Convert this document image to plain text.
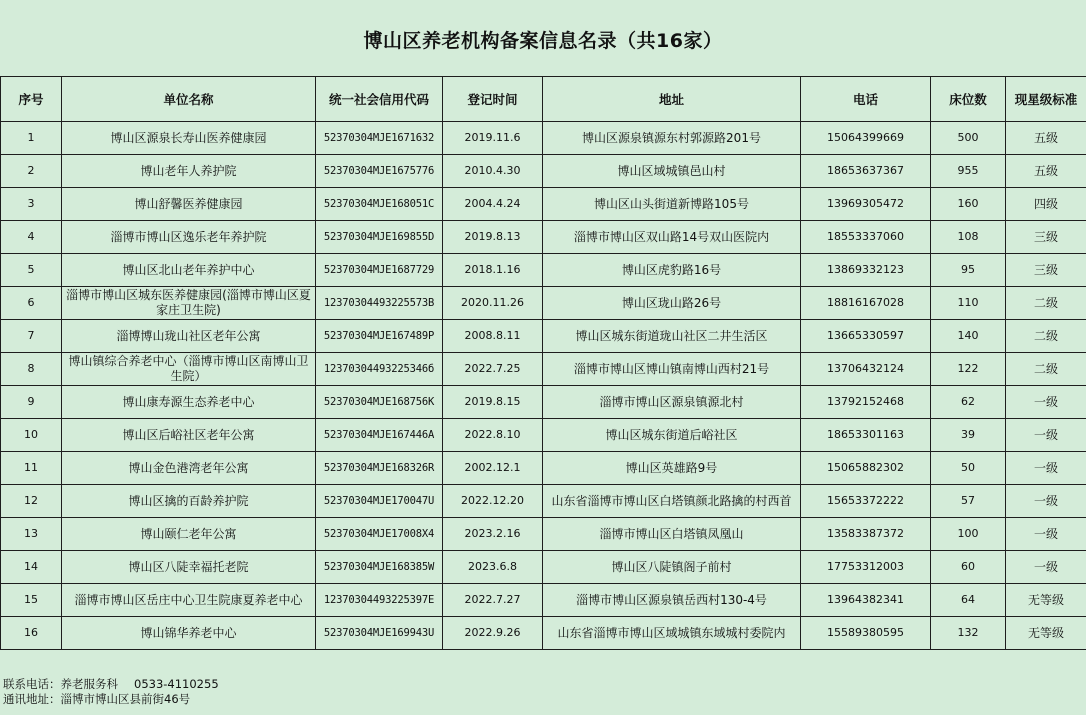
博山区养老机构备案信息名录（共16家）
序号	单位名称	统一社会信用代码	登记时间	地址	电话	床位数	现星级标准
1	博山区源泉长寿山医养健康园	52370304MJE1671632	2019.11.6	博山区源泉镇源东村郭源路201号	15064399669	500	五级
2	博山老年人养护院	52370304MJE1675776	2010.4.30	博山区域城镇邑山村	18653637367	955	五级
3	博山舒馨医养健康园	52370304MJE168051C	2004.4.24	博山区山头街道新博路105号	13969305472	160	四级
4	淄博市博山区逸乐老年养护院	52370304MJE169855D	2019.8.13	淄博市博山区双山路14号双山医院内	18553337060	108	三级
5	博山区北山老年养护中心	52370304MJE1687729	2018.1.16	博山区虎豹路16号	13869332123	95	三级
6	淄博市博山区城东医养健康园(淄博市博山区夏家庄卫生院)	12370304493225573B	2020.11.26	博山区珑山路26号	18816167028	110	二级
7	淄博博山珑山社区老年公寓	52370304MJE167489P	2008.8.11	博山区城东街道珑山社区二井生活区	13665330597	140	二级
8	博山镇综合养老中心（淄博市博山区南博山卫生院）	12370304493225346б	2022.7.25	淄博市博山区博山镇南博山西村21号	13706432124	122	二级
9	博山康寿源生态养老中心	52370304MJE168756K	2019.8.15	淄博市博山区源泉镇源北村	13792152468	62	一级
10	博山区后峪社区老年公寓	52370304MJE167446A	2022.8.10	博山区城东街道后峪社区	18653301163	39	一级
11	博山金色港湾老年公寓	52370304MJE168326R	2002.12.1	博山区英雄路9号	15065882302	50	一级
12	博山区擒的百龄养护院	52370304MJE170047U	2022.12.20	山东省淄博市博山区白塔镇颜北路擒的村西首	15653372222	57	一级
13	博山颐仁老年公寓	52370304MJE17008X4	2023.2.16	淄博市博山区白塔镇凤凰山	13583387372	100	一级
14	博山区八陡幸福托老院	52370304MJE168385W	2023.6.8	博山区八陡镇阁子前村	17753312003	60	一级
15	淄博市博山区岳庄中心卫生院康夏养老中心	12370304493225397E	2022.7.27	淄博市博山区源泉镇岳西村130-4号	13964382341	64	无等级
16	博山锦华养老中心	52370304MJE169943U	2022.9.26	山东省淄博市博山区域城镇东域城村委院内	15589380595	132	无等级
联系电话：养老服务科 0533-4110255
通讯地址：淄博市博山区县前街46号
